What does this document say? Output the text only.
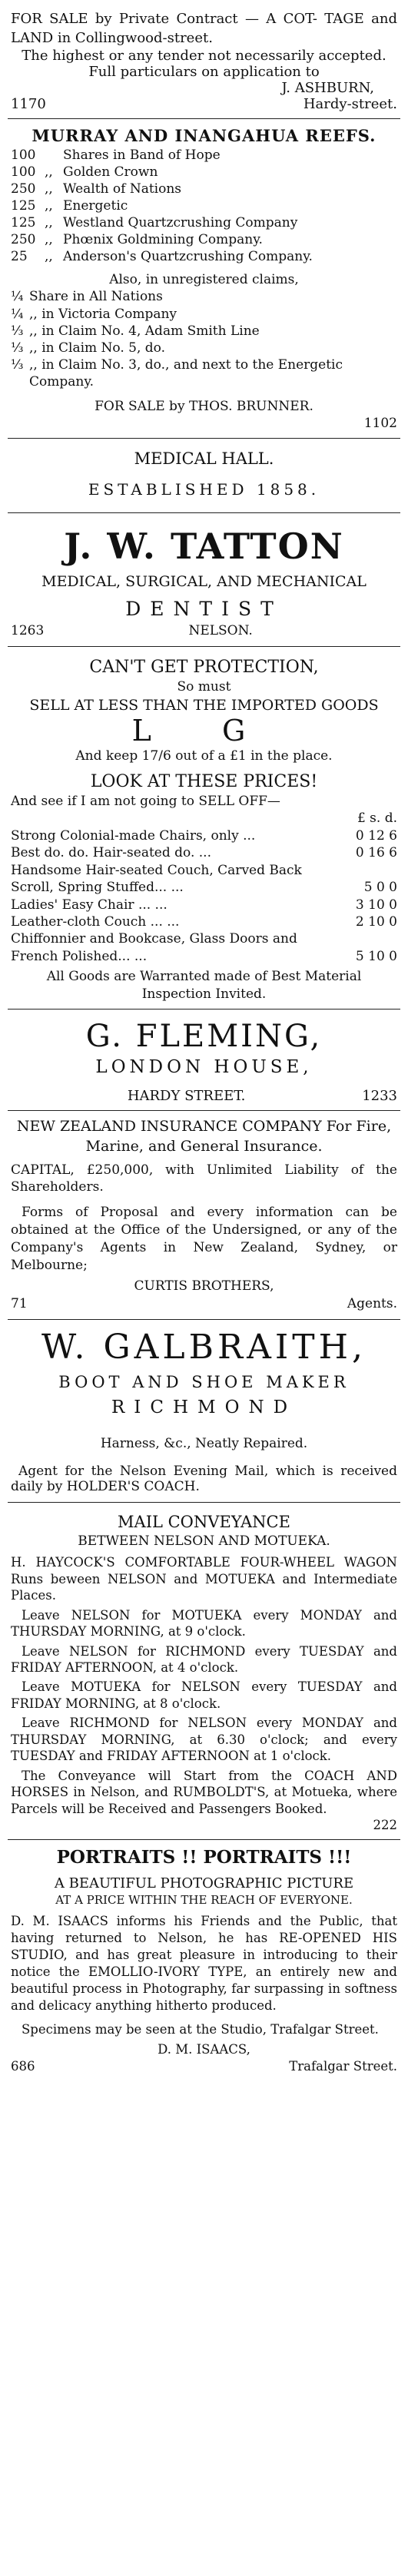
FOR SALE by Private Contract — A COT- TAGE and LAND in Collingwood-street.

The highest or any tender not necessarily accepted.

Full particulars on application to

J. ASHBURN,

1170	Hardy-street.

MURRAY AND INANGAHUA REEFS.

100	Shares in Band of Hope
100 ,, Golden Crown
250 ,, Wealth of Nations
125 ,, Energetic
125 ,, Westland Quartzcrushing Company
250 ,, Phœnix Goldmining Company.
25	,, Anderson's Quartzcrushing Company.

Also, in unregistered claims,

¼ Share in All Nations
¼ ,, in Victoria Company
⅓ ,, in Claim No. 4, Adam Smith Line
⅓ ,, in Claim No. 5, do.
⅓ ,, in Claim No. 3, do., and next to the Energetic Company.

FOR SALE by THOS. BRUNNER.

1102

MEDICAL HALL.

ESTABLISHED 1858.

J. W. TATTON

MEDICAL, SURGICAL, AND MECHANICAL

DENTIST

1263	NELSON.

CAN'T GET PROTECTION,

So must

SELL AT LESS THAN THE IMPORTED GOODS

L G

And keep 17/6 out of a £1 in the place.

LOOK AT THESE PRICES!

And see if I am not going to SELL OFF—

£ s. d.
Strong Colonial-made Chairs, only ...	0 12 6
Best do. do. Hair-seated do. ...	0 16 6
Handsome Hair-seated Couch, Carved Back Scroll, Spring Stuffed... ...	5 0 0
Ladies' Easy Chair ... ...	3 10 0
Leather-cloth Couch ... ...	2 10 0
Chiffonnier and Bookcase, Glass Doors and French Polished... ...	5 10 0

All Goods are Warranted made of Best Material Inspection Invited.

G. FLEMING,

LONDON HOUSE,

HARDY STREET.	1233

NEW ZEALAND INSURANCE COMPANY For Fire, Marine, and General Insurance.

CAPITAL, £250,000, with Unlimited Liability of the Shareholders.

Forms of Proposal and every information can be obtained at the Office of the Undersigned, or any of the Company's Agents in New Zealand, Sydney, or Melbourne;

CURTIS BROTHERS,

71	Agents.

W. GALBRAITH,

BOOT AND SHOE MAKER

RICHMOND

Harness, &c., Neatly Repaired.

Agent for the Nelson Evening Mail, which is received daily by HOLDER'S COACH.

MAIL CONVEYANCE

BETWEEN NELSON AND MOTUEKA.

H. HAYCOCK'S COMFORTABLE FOUR-WHEEL WAGON Runs beween NELSON and MOTUEKA and Intermediate Places.

Leave NELSON for MOTUEKA every MONDAY and THURSDAY MORNING, at 9 o'clock.

Leave NELSON for RICHMOND every TUESDAY and FRIDAY AFTERNOON, at 4 o'clock.

Leave MOTUEKA for NELSON every TUESDAY and FRIDAY MORNING, at 8 o'clock.

Leave RICHMOND for NELSON every MONDAY and THURSDAY MORNING, at 6.30 o'clock; and every TUESDAY and FRIDAY AFTERNOON at 1 o'clock.

The Conveyance will Start from the COACH AND HORSES in Nelson, and RUMBOLDT'S, at Motueka, where Parcels will be Received and Passengers Booked.

222

PORTRAITS !! PORTRAITS !!!

A BEAUTIFUL PHOTOGRAPHIC PICTURE

AT A PRICE WITHIN THE REACH OF EVERYONE.

D. M. ISAACS informs his Friends and the Public, that having returned to Nelson, he has RE-OPENED HIS STUDIO, and has great pleasure in introducing to their notice the EMOLLIO-IVORY TYPE, an entirely new and beautiful process in Photography, far surpassing in softness and delicacy anything hitherto produced.

Specimens may be seen at the Studio, Trafalgar Street.

D. M. ISAACS,

686	Trafalgar Street.
